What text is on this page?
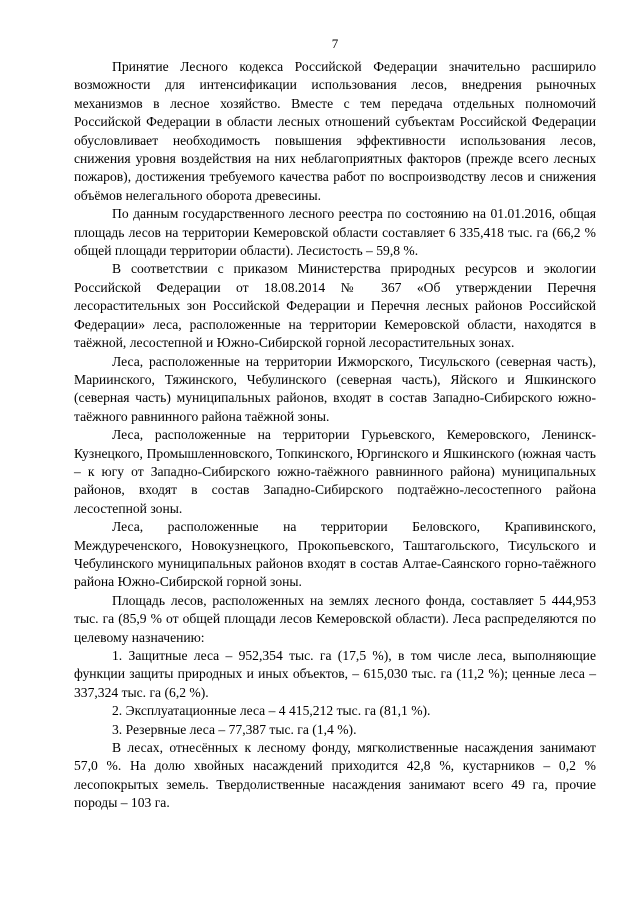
7

Принятие Лесного кодекса Российской Федерации значительно расширило возможности для интенсификации использования лесов, внедрения рыночных механизмов в лесное хозяйство. Вместе с тем передача отдельных полномочий Российской Федерации в области лесных отношений субъектам Российской Федерации обусловливает необходимость повышения эффективности использования лесов, снижения уровня воздействия на них неблагоприятных факторов (прежде всего лесных пожаров), достижения требуемого качества работ по воспроизводству лесов и снижения объёмов нелегального оборота древесины.

По данным государственного лесного реестра по состоянию на 01.01.2016, общая площадь лесов на территории Кемеровской области составляет 6 335,418 тыс. га (66,2 % общей площади территории области). Лесистость – 59,8 %.

В соответствии с приказом Министерства природных ресурсов и экологии Российской Федерации от 18.08.2014 № 367 «Об утверждении Перечня лесорастительных зон Российской Федерации и Перечня лесных районов Российской Федерации» леса, расположенные на территории Кемеровской области, находятся в таёжной, лесостепной и Южно-Сибирской горной лесорастительных зонах.

Леса, расположенные на территории Ижморского, Тисульского (северная часть), Мариинского, Тяжинского, Чебулинского (северная часть), Яйского и Яшкинского (северная часть) муниципальных районов, входят в состав Западно-Сибирского южно-таёжного равнинного района таёжной зоны.

Леса, расположенные на территории Гурьевского, Кемеровского, Ленинск-Кузнецкого, Промышленновского, Топкинского, Юргинского и Яшкинского (южная часть – к югу от Западно-Сибирского южно-таёжного равнинного района) муниципальных районов, входят в состав Западно-Сибирского подтаёжно-лесостепного района лесостепной зоны.

Леса, расположенные на территории Беловского, Крапивинского, Междуреченского, Новокузнецкого, Прокопьевского, Таштагольского, Тисульского и Чебулинского муниципальных районов входят в состав Алтае-Саянского горно-таёжного района Южно-Сибирской горной зоны.

Площадь лесов, расположенных на землях лесного фонда, составляет 5 444,953 тыс. га (85,9 % от общей площади лесов Кемеровской области). Леса распределяются по целевому назначению:

1. Защитные леса – 952,354 тыс. га (17,5 %), в том числе леса, выполняющие функции защиты природных и иных объектов, – 615,030 тыс. га (11,2 %); ценные леса – 337,324 тыс. га (6,2 %).

2. Эксплуатационные леса – 4 415,212 тыс. га (81,1 %).

3. Резервные леса – 77,387 тыс. га (1,4 %).

В лесах, отнесённых к лесному фонду, мягколиственные насаждения занимают 57,0 %. На долю хвойных насаждений приходится 42,8 %, кустарников – 0,2 % лесопокрытых земель. Твердолиственные насаждения занимают всего 49 га, прочие породы – 103 га.
